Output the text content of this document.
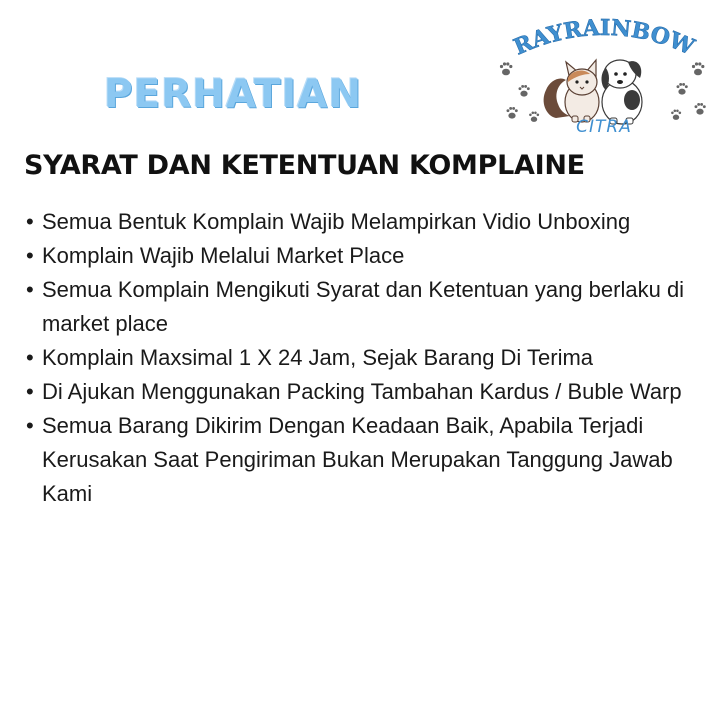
RAYRAINBOW
CITRA
PERHATIAN
SYARAT DAN KETENTUAN KOMPLAINE
• Semua Bentuk Komplain Wajib Melampirkan Vidio Unboxing
• Komplain Wajib Melalui Market Place
• Semua Komplain Mengikuti Syarat dan Ketentuan yang berlaku di market place
• Komplain Maxsimal 1 X 24 Jam, Sejak Barang Di Terima
• Di Ajukan Menggunakan Packing Tambahan Kardus / Buble Warp
• Semua Barang Dikirim Dengan Keadaan Baik, Apabila Terjadi Kerusakan Saat Pengiriman Bukan Merupakan Tanggung Jawab Kami
